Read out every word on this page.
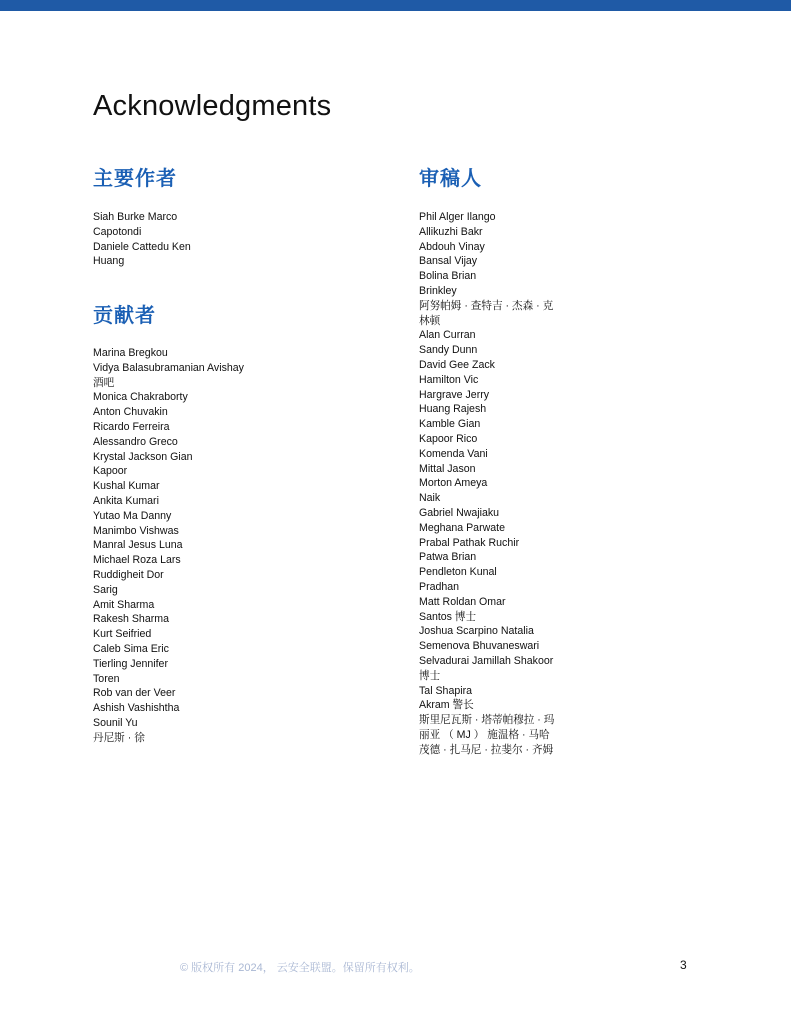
Acknowledgments
主要作者
Siah Burke Marco
Capotondi
Daniele Cattedu Ken
Huang
贡献者
Marina Bregkou
Vidya Balasubramanian Avishay
酒吧
Monica Chakraborty
Anton Chuvakin
Ricardo Ferreira
Alessandro Greco
Krystal Jackson Gian
Kapoor
Kushal Kumar
Ankita Kumari
Yutao Ma Danny
Manimbo Vishwas
Manral Jesus Luna
Michael Roza Lars
Ruddigheit Dor
Sarig
Amit Sharma
Rakesh Sharma
Kurt Seifried
Caleb Sima Eric
Tierling Jennifer
Toren
Rob van der Veer
Ashish Vashishtha
Sounil Yu
丹尼斯 · 徐
审稿人
Phil Alger Ilango
Allikuzhi Bakr
Abdouh Vinay
Bansal Vijay
Bolina Brian
Brinkley
阿努帕姆 · 查特吉 · 杰森 · 克
林顿
Alan Curran
Sandy Dunn
David Gee Zack
Hamilton Vic
Hargrave Jerry
Huang Rajesh
Kamble Gian
Kapoor Rico
Komenda Vani
Mittal Jason
Morton Ameya
Naik
Gabriel Nwajiaku
Meghana Parwate
Prabal Pathak Ruchir
Patwa Brian
Pendleton Kunal
Pradhan
Matt Roldan Omar
Santos 博士
Joshua Scarpino Natalia
Semenova Bhuvaneswari
Selvadurai Jamillah Shakoor
博士
Tal Shapira
Akram 警长
斯里尼瓦斯 · 塔蒂帕穆拉 · 玛
丽亚 （ MJ ） 施温格 · 马哈
茂德 · 扎马尼 · 拉斐尔 · 齐姆
© 版权所有 2024， 云安全联盟。保留所有权利。	3
